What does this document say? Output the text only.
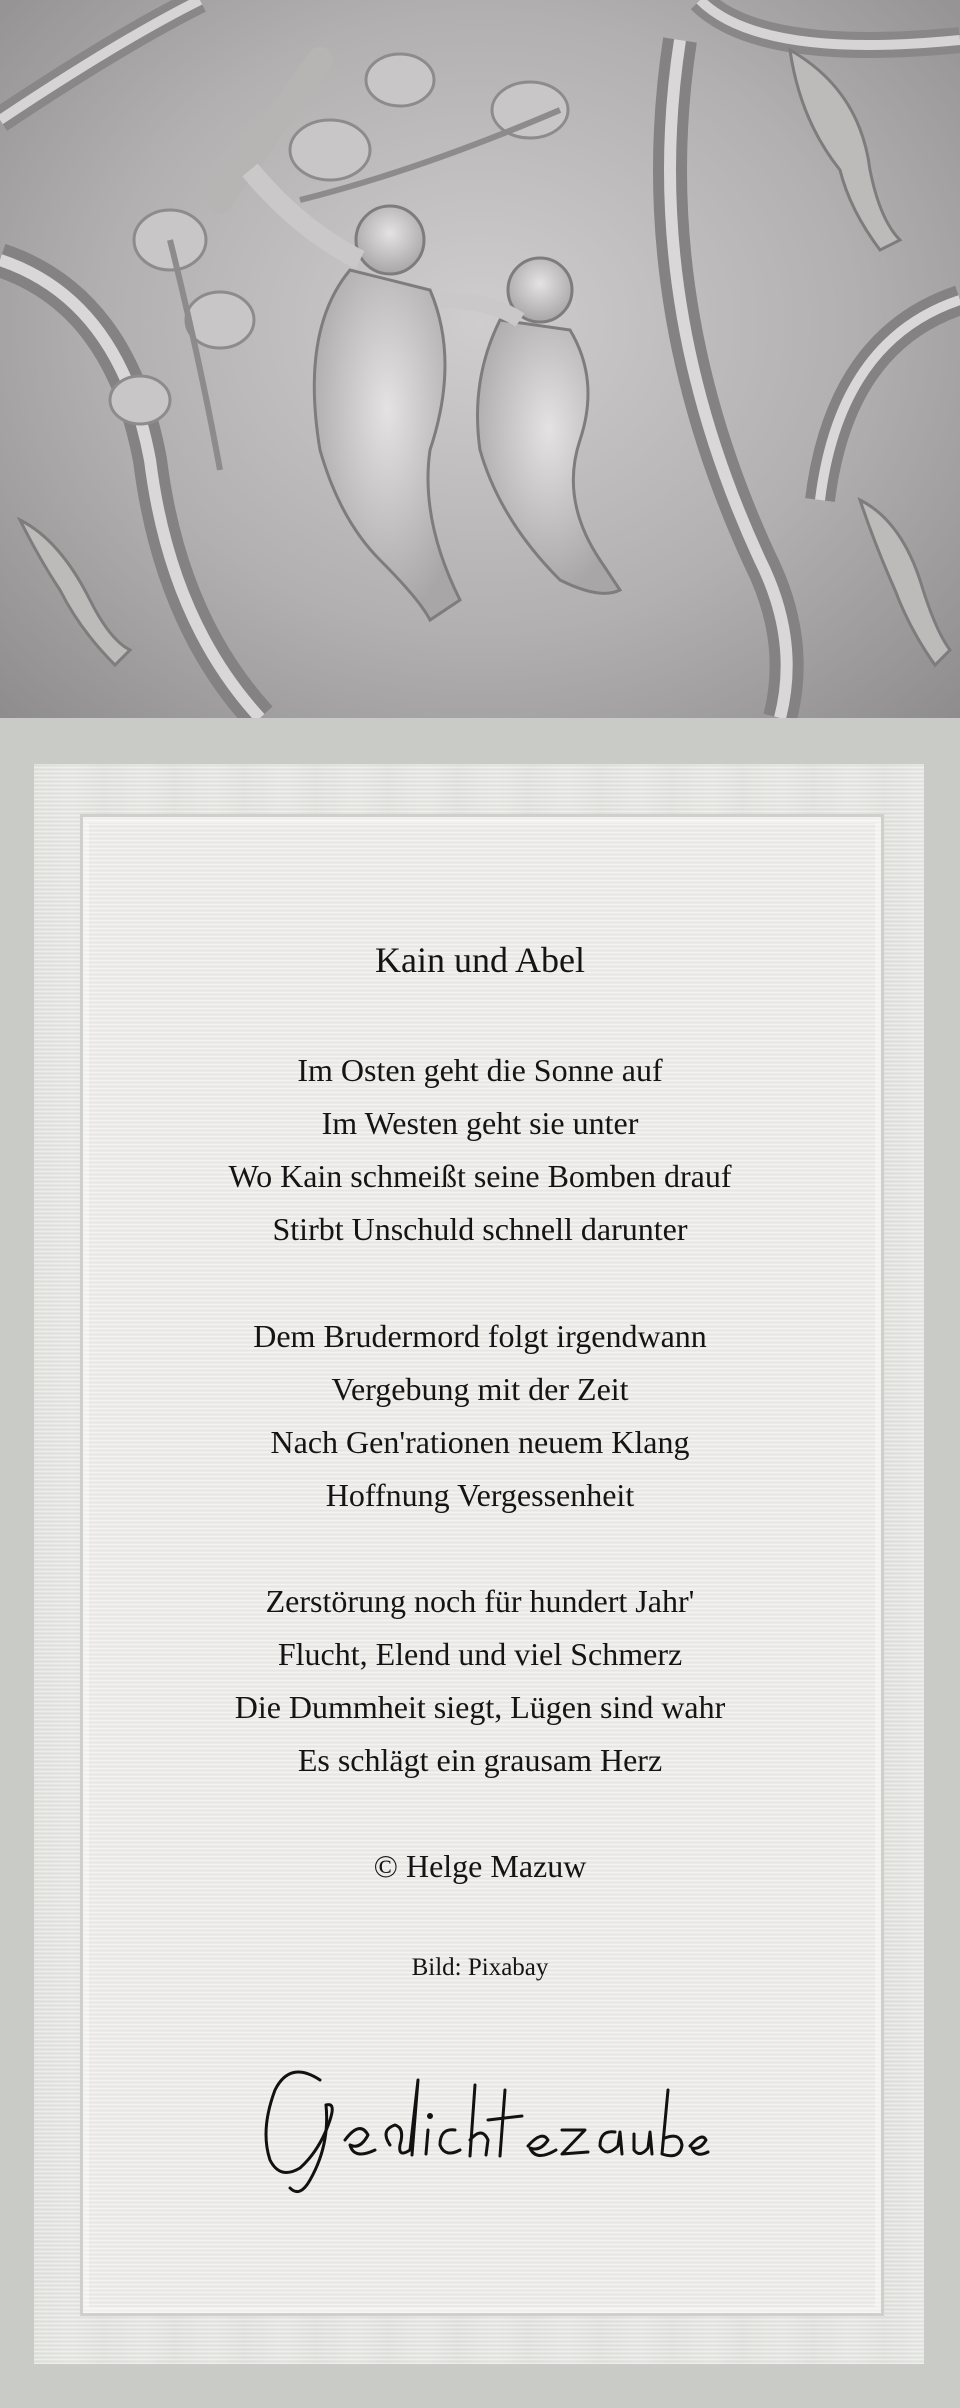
Kain und Abel
Im Osten geht die Sonne auf
Im Westen geht sie unter
Wo Kain schmeißt seine Bomben drauf
Stirbt Unschuld schnell darunter
Dem Brudermord folgt irgendwann
Vergebung mit der Zeit
Nach Gen'rationen neuem Klang
Hoffnung Vergessenheit
Zerstörung noch für hundert Jahr'
Flucht, Elend und viel Schmerz
Die Dummheit siegt, Lügen sind wahr
Es schlägt ein grausam Herz
© Helge Mazuw
Bild: Pixabay
